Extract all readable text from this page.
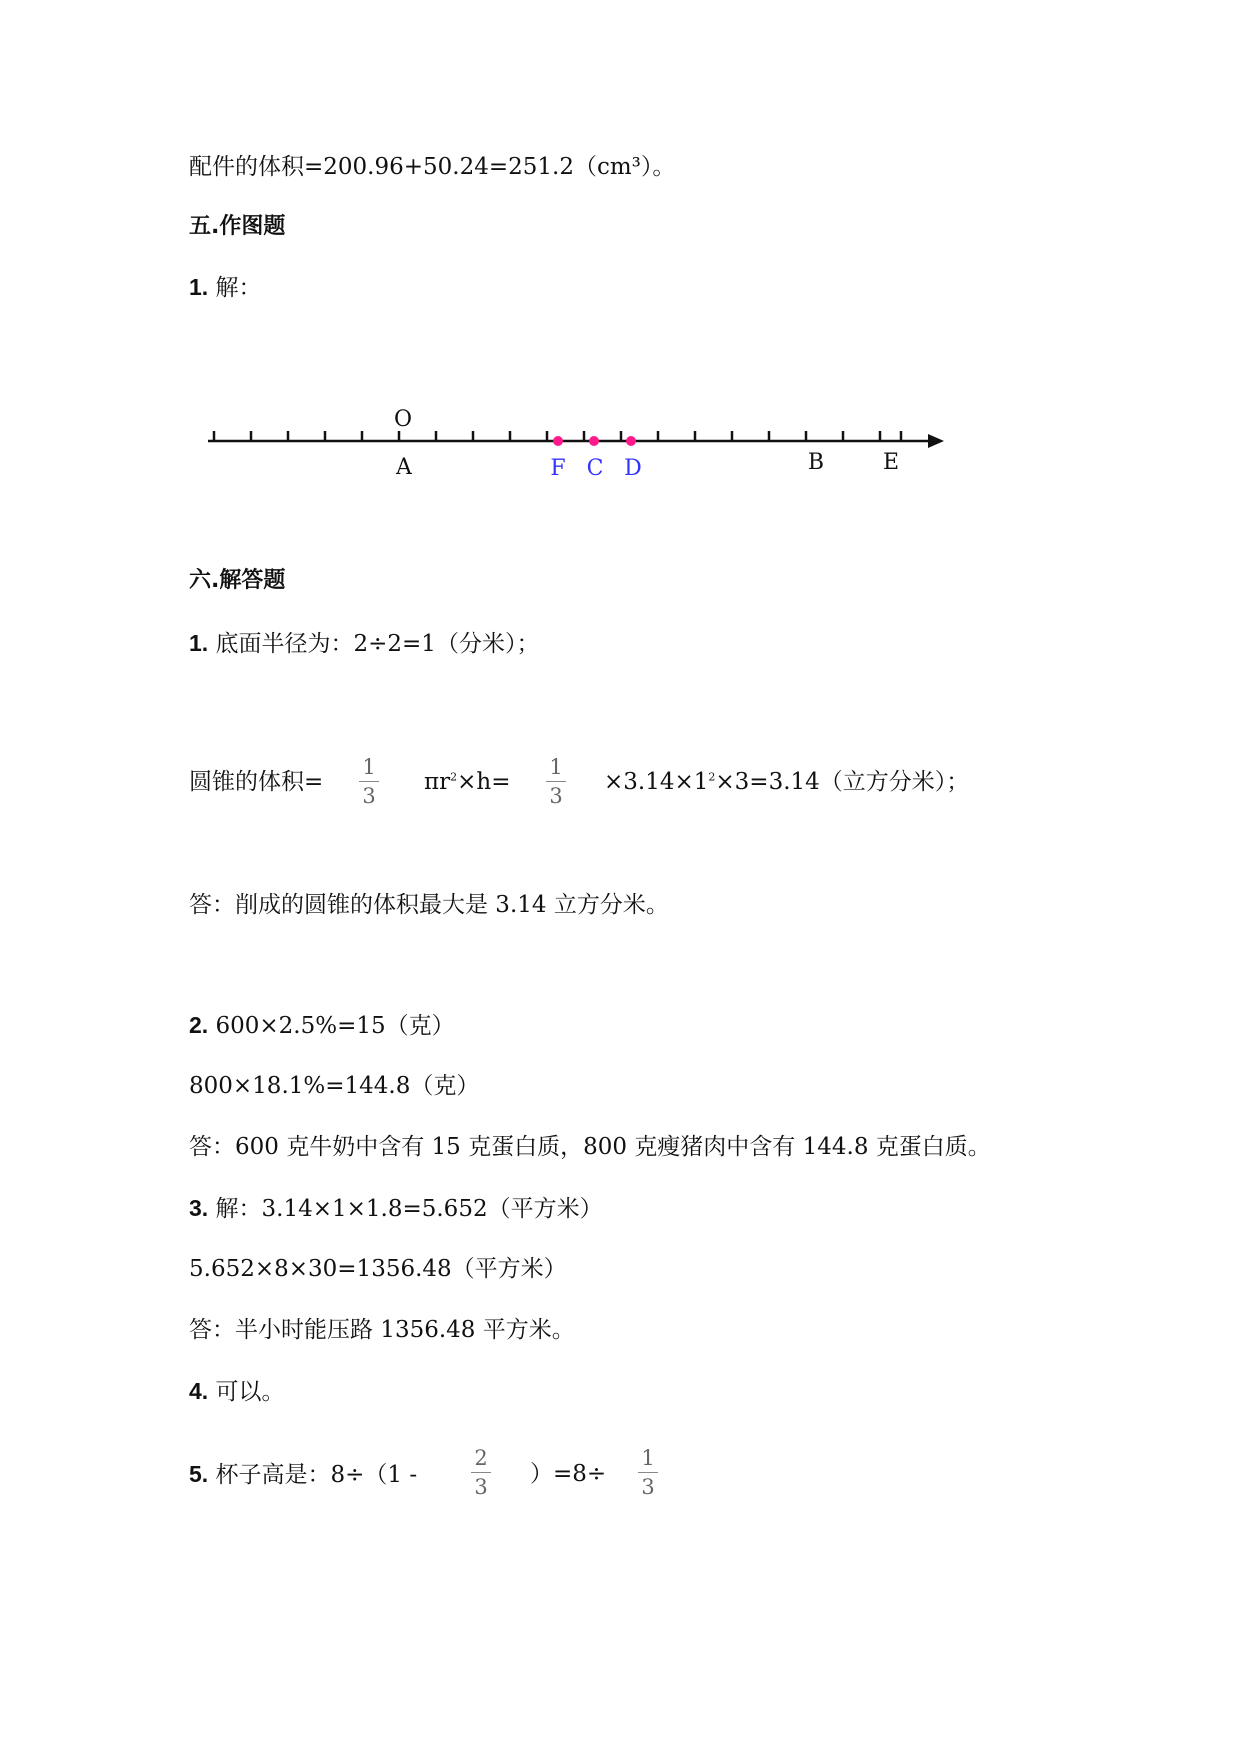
配件的体积=200.96+50.24=251.2（cm³）。
五.作图题
1. 解：
O
A	F C D	B	E
六.解答题
1. 底面半径为：2÷2=1（分米）；
圆锥的体积=
1
3
$\pi r^2\times h=$
1
3
$\times 3.14\times 1^2\times 3=3.14$（立方分米）；
答：削成的圆锥的体积最大是 3.14 立方分米。
2. 600×2.5%=15（克）
800×18.1%=144.8（克）
答：600 克牛奶中含有 15 克蛋白质，800 克瘦猪肉中含有 144.8 克蛋白质。
3. 解：3.14×1×1.8=5.652（平方米）
5.652×8×30=1356.48（平方米）
答：半小时能压路 1356.48 平方米。
4. 可以。
5. 杯子高是：8÷（1 -
2
3 ）=8÷
1
3
